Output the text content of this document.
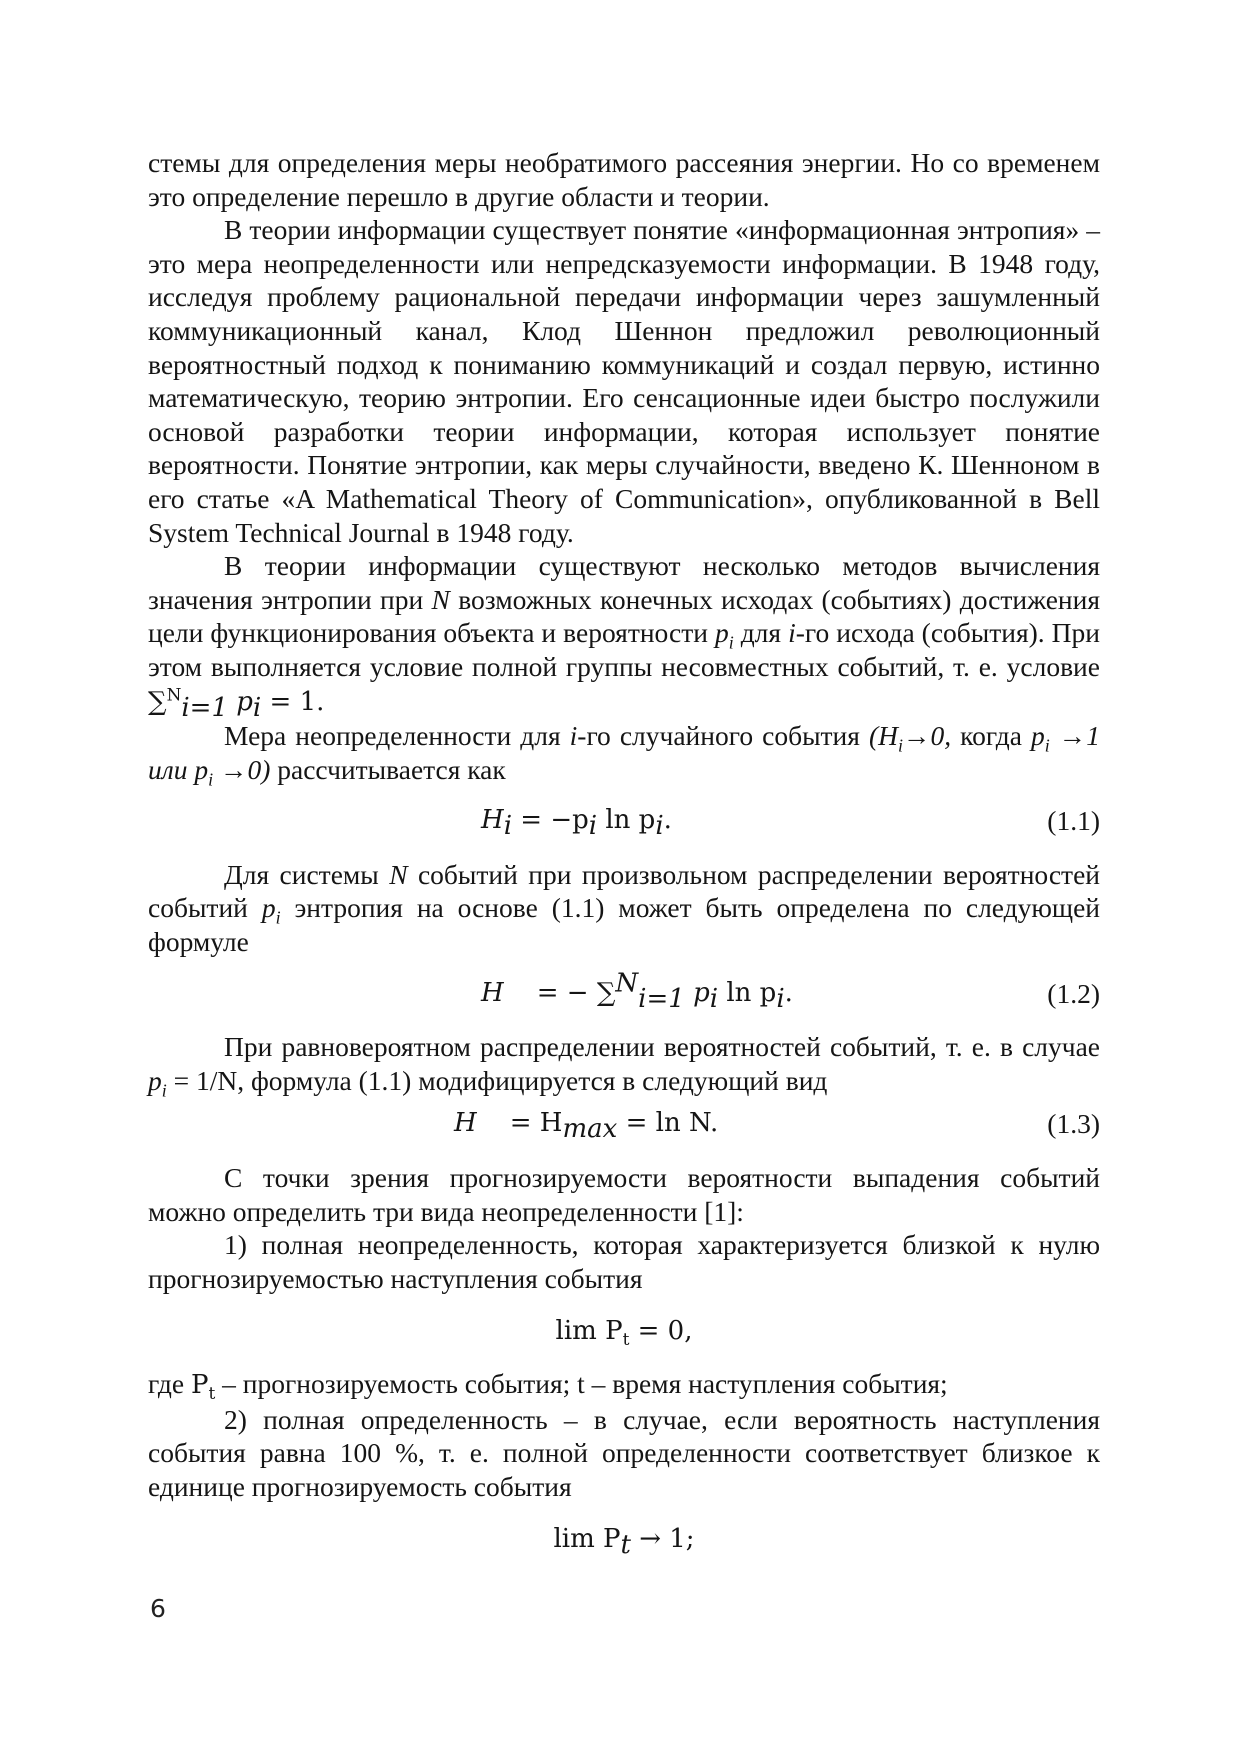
стемы для определения меры необратимого рассеяния энергии. Но со временем это определение перешло в другие области и теории.

В теории информации существует понятие «информационная энтропия» – это мера неопределенности или непредсказуемости информации. В 1948 году, исследуя проблему рациональной передачи информации через зашумленный коммуникационный канал, Клод Шеннон предложил революционный вероятностный подход к пониманию коммуникаций и создал первую, истинно математическую, теорию энтропии. Его сенсационные идеи быстро послужили основой разработки теории информации, которая использует понятие вероятности. Понятие энтропии, как меры случайности, введено К. Шенноном в его статье «A Mathematical Theory of Communication», опубликованной в Bell System Technical Journal в 1948 году.

В теории информации существуют несколько методов вычисления значения энтропии при N возможных конечных исходах (событиях) достижения цели функционирования объекта и вероятности $p_i$ для i-го исхода (события). При этом выполняется условие полной группы несовместных событий, т. е. условие ∑$^N_{i=1}$ $p_i = 1$.

Мера неопределенности для i-го случайного события ($H_i\to 0$, когда $p_i \to 1$ или $p_i \to 0$) рассчитывается как

$H_i = -p_i$ $\ln p_i$.	(1.1)

Для системы N событий при произвольном распределении вероятностей событий $p_i$ энтропия на основе (1.1) может быть определена по следующей формуле

H = − ∑$^N_{i=1}$ $p_i$ $\ln p_i$.	(1.2)

При равновероятном распределении вероятностей событий, т. е. в случае $p_i = 1/N$, формула (1.1) модифицируется в следующий вид

$H = H_{max} = \ln N$.	(1.3)

С точки зрения прогнозируемости вероятности выпадения событий можно определить три вида неопределенности [1]:

1) полная неопределенность, которая характеризуется близкой к нулю прогнозируемостью наступления события

$\lim P_t = 0$,

где $P_t$ – прогнозируемость события; t – время наступления события;

2) полная определенность – в случае, если вероятность наступления события равна 100 %, т. е. полной определенности соответствует близкое к единице прогнозируемость события

$\lim P_t \to 1$;
6
